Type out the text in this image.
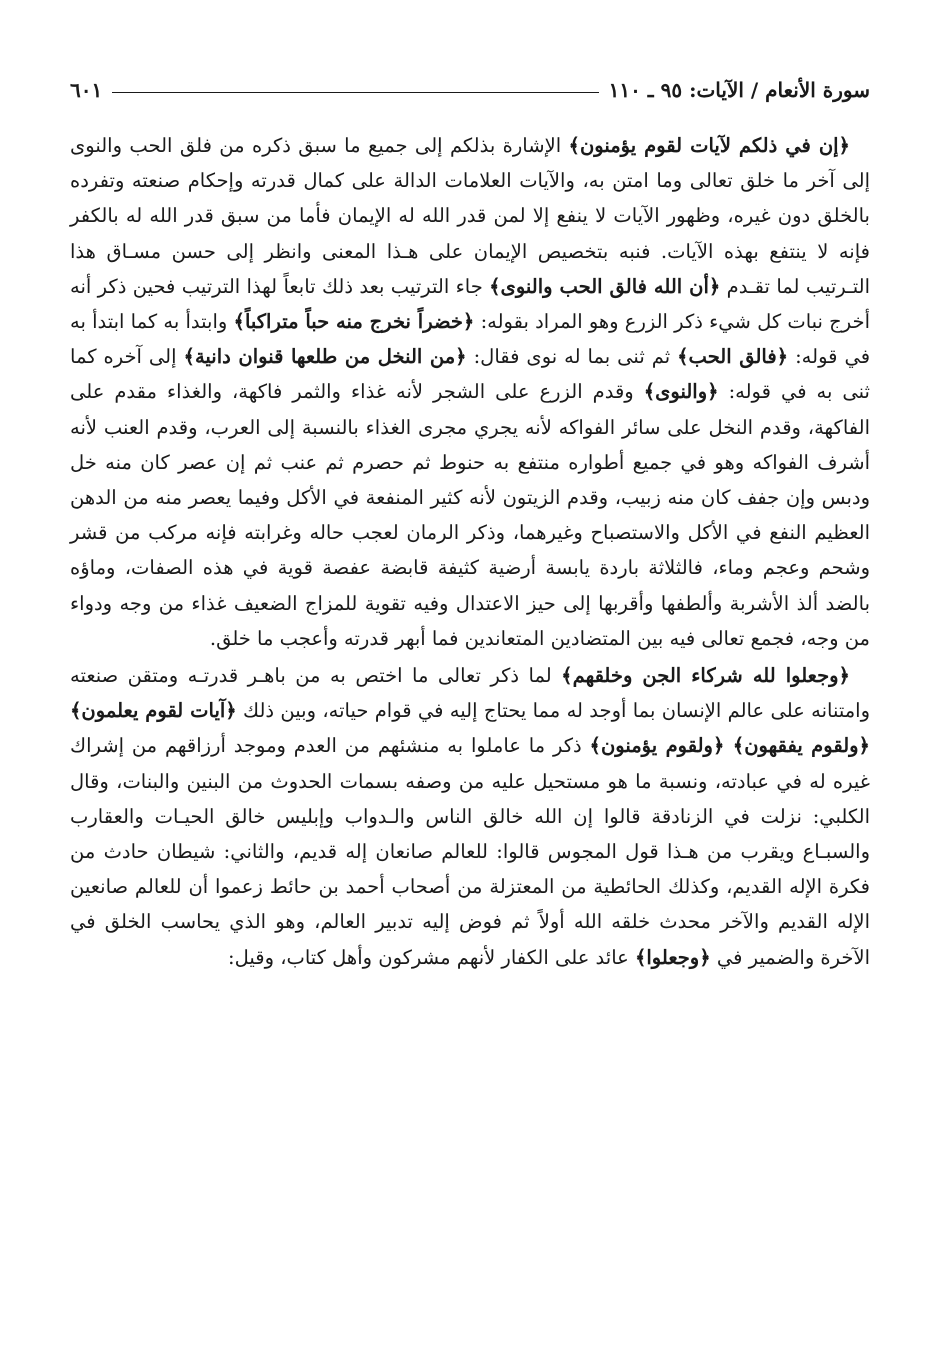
سورة الأنعام / الآيات: ٩٥ ـ ١١٠
٦٠١

﴿إن في ذلكم لآيات لقوم يؤمنون﴾ الإشارة بذلكم إلى جميع ما سبق ذكره من فلق الحب والنوى إلى آخر ما خلق تعالى وما امتن به، والآيات العلامات الدالة على كمال قدرته وإحكام صنعته وتفرده بالخلق دون غيره، وظهور الآيات لا ينفع إلا لمن قدر الله له الإيمان فأما من سبق قدر الله له بالكفر فإنه لا ينتفع بهذه الآيات. فنبه بتخصيص الإيمان على هـذا المعنى وانظر إلى حسن مسـاق هذا التـرتيب لما تقـدم ﴿أن الله فالق الحب والنوى﴾ جاء الترتيب بعد ذلك تابعاً لهذا الترتيب فحين ذكر أنه أخرج نبات كل شيء ذكر الزرع وهو المراد بقوله: ﴿خضراً نخرج منه حباً متراكباً﴾ وابتدأ به كما ابتدأ به في قوله: ﴿فالق الحب﴾ ثم ثنى بما له نوى فقال: ﴿من النخل من طلعها قنوان دانية﴾ إلى آخره كما ثنى به في قوله: ﴿والنوى﴾ وقدم الزرع على الشجر لأنه غذاء والثمر فاكهة، والغذاء مقدم على الفاكهة، وقدم النخل على سائر الفواكه لأنه يجري مجرى الغذاء بالنسبة إلى العرب، وقدم العنب لأنه أشرف الفواكه وهو في جميع أطواره منتفع به حنوط ثم حصرم ثم عنب ثم إن عصر كان منه خل ودبس وإن جفف كان منه زبيب، وقدم الزيتون لأنه كثير المنفعة في الأكل وفيما يعصر منه من الدهن العظيم النفع في الأكل والاستصباح وغيرهما، وذكر الرمان لعجب حاله وغرابته فإنه مركب من قشر وشحم وعجم وماء، فالثلاثة باردة يابسة أرضية كثيفة قابضة عفصة قوية في هذه الصفات، وماؤه بالضد ألذ الأشربة وألطفها وأقربها إلى حيز الاعتدال وفيه تقوية للمزاج الضعيف غذاء من وجه ودواء من وجه، فجمع تعالى فيه بين المتضادين المتعاندين فما أبهر قدرته وأعجب ما خلق.

﴿وجعلوا لله شركاء الجن وخلقهم﴾ لما ذكر تعالى ما اختص به من باهـر قدرتـه ومتقن صنعته وامتنانه على عالم الإنسان بما أوجد له مما يحتاج إليه في قوام حياته، وبين ذلك ﴿آيات لقوم يعلمون﴾ ﴿ولقوم يفقهون﴾ ﴿ولقوم يؤمنون﴾ ذكر ما عاملوا به منشئهم من العدم وموجد أرزاقهم من إشراك غيره له في عبادته، ونسبة ما هو مستحيل عليه من وصفه بسمات الحدوث من البنين والبنات، وقال الكلبي: نزلت في الزنادقة قالوا إن الله خالق الناس والـدواب وإبليس خالق الحيـات والعقارب والسبـاع ويقرب من هـذا قول المجوس قالوا: للعالم صانعان إله قديم، والثاني: شيطان حادث من فكرة الإله القديم، وكذلك الحائطية من المعتزلة من أصحاب أحمد بن حائط زعموا أن للعالم صانعين الإله القديم والآخر محدث خلقه الله أولاً ثم فوض إليه تدبير العالم، وهو الذي يحاسب الخلق في الآخرة والضمير في ﴿وجعلوا﴾ عائد على الكفار لأنهم مشركون وأهل كتاب، وقيل:
